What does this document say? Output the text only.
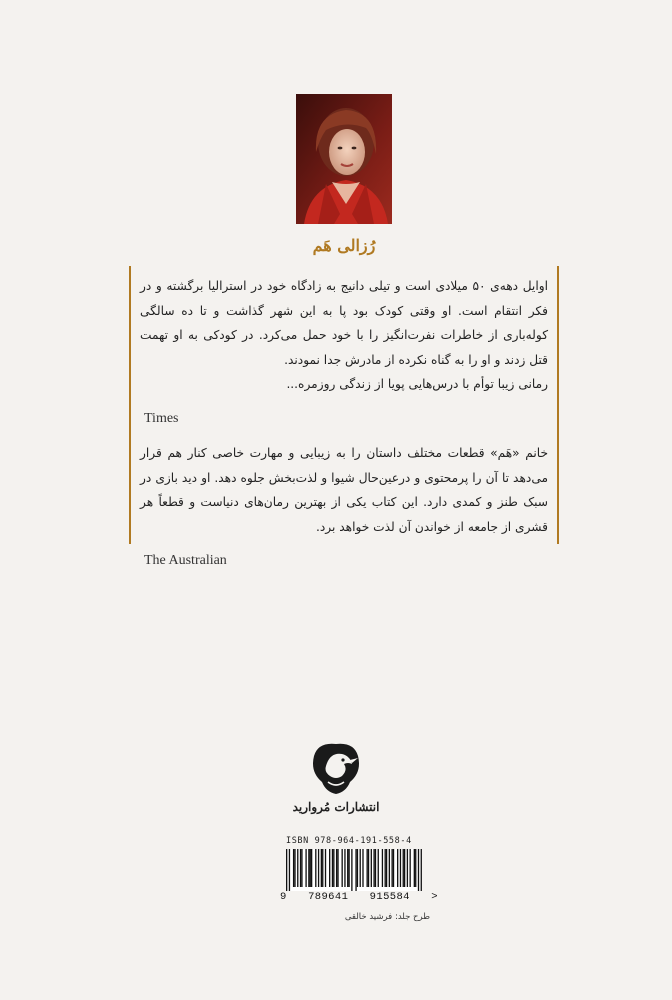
رُزالی هَم

اوایل دهه‌ی ۵۰ میلادی است و تیلی دانیج به زادگاه خود در استرالیا برگشته و در فکر انتقام است. او وقتی کودک بود پا به این شهر گذاشت و تا ده سالگی کوله‌باری از خاطرات نفرت‌انگیز را با خود حمل می‌کرد. در کودکی به او تهمت قتل زدند و او را به گناه نکرده از مادرش جدا نمودند.

رمانی زیبا توأم با درس‌هایی پویا از زندگی روزمره...

Times

خانم «هَم» قطعات مختلف داستان را به زیبایی و مهارت خاصی کنار هم قرار می‌دهد تا آن را پرمحتوی و درعین‌حال شیوا و لذت‌بخش جلوه دهد. او دید بازی در سبک طنز و کمدی دارد. این کتاب یکی از بهترین رمان‌های دنیاست و قطعاً هر قشری از جامعه از خواندن آن لذت خواهد برد.

The Australian
انتشارات مُروارید
ISBN 978-964-191-558-4
9 789641 915584 >
طرح جلد: فرشید خالقی
